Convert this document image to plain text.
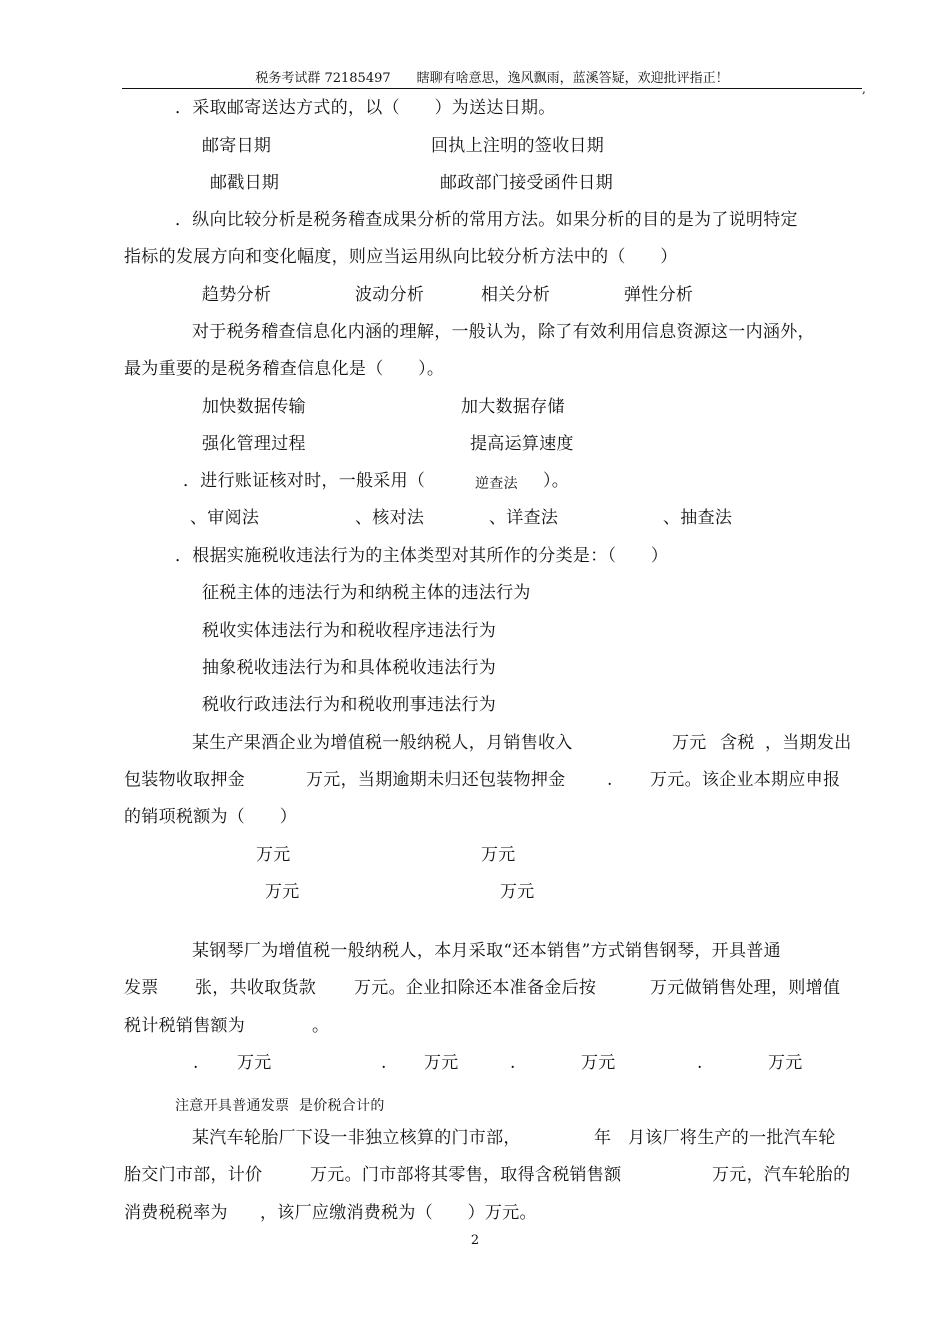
税务考试群 72185497　　瞎聊有啥意思，逸风飘雨，蓝溪答疑，欢迎批评指正！
,
．采取邮寄送达方式的，以（　　）为送达日期。
邮寄日期	回执上注明的签收日期
邮戳日期	邮政部门接受函件日期
．纵向比较分析是税务稽查成果分析的常用方法。如果分析的目的是为了说明特定
指标的发展方向和变化幅度，则应当运用纵向比较分析方法中的（　　）
趋势分析	波动分析	相关分析	弹性分析
对于税务稽查信息化内涵的理解，一般认为，除了有效利用信息资源这一内涵外，
最为重要的是税务稽查信息化是（　　）。
加快数据传输	加大数据存储
强化管理过程	提高运算速度
．进行账证核对时，一般采用（	逆查法 ）。
、审阅法	、核对法	、详查法	、抽查法
．根据实施税收违法行为的主体类型对其所作的分类是：（　　）
征税主体的违法行为和纳税主体的违法行为
税收实体违法行为和税收程序违法行为
抽象税收违法行为和具体税收违法行为
税收行政违法行为和税收刑事违法行为
某生产果酒企业为增值税一般纳税人，月销售收入	万元 含税 ，当期发出
包装物收取押金	万元，当期逾期未归还包装物押金 . 万元。该企业本期应申报
的销项税额为（　　）
万元	万元
万元	万元
某钢琴厂为增值税一般纳税人，本月采取“还本销售”方式销售钢琴，开具普通
发票 张，共收取货款 万元。企业扣除还本准备金后按	万元做销售处理，则增值
税计税销售额为	。
. 万元	. 万元	.	万元	.	万元
注意开具普通发票  是价税合计的
某汽车轮胎厂下设一非独立核算的门市部，	年 月该厂将生产的一批汽车轮
胎交门市部，计价	万元。门市部将其零售，取得含税销售额	万元，汽车轮胎的
消费税税率为 ，该厂应缴消费税为（　　）万元。
2
